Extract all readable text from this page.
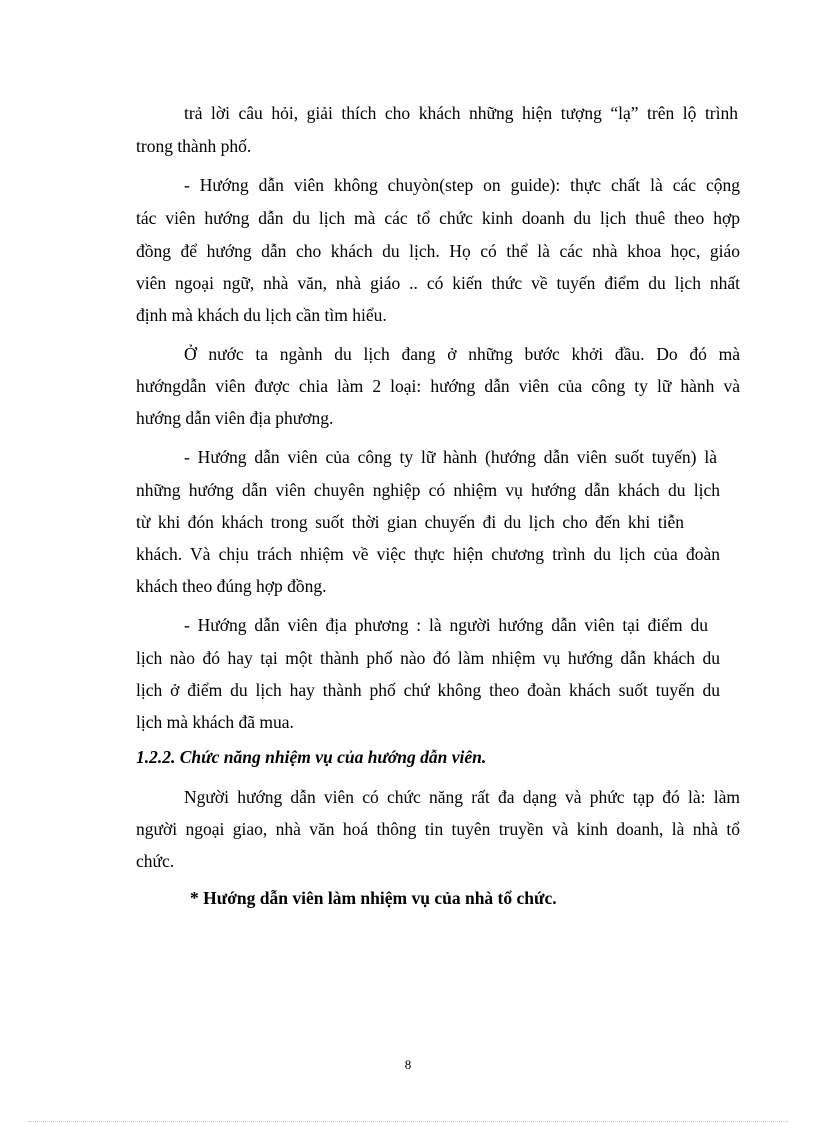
trả lời câu hỏi, giải thích cho khách những hiện tượng “lạ” trên lộ trình
trong thành phố.
- Hướng dẫn viên không chuyòn(step on guide): thực chất là các cộng
tác viên hướng dẫn du lịch mà các tổ chức kinh doanh du lịch thuê theo hợp
đồng để hướng dẫn cho khách du lịch. Họ có thể là các nhà khoa học, giáo
viên ngoại ngữ, nhà văn, nhà giáo .. có kiến thức về tuyến điểm du lịch nhất
định mà khách du lịch cần tìm hiểu.
Ở nước ta ngành du lịch đang ở những bước khởi đầu. Do đó mà
hướngdẫn viên được chia làm 2 loại: hướng dẫn viên của công ty lữ hành và
hướng dẫn viên địa phương.
- Hướng dẫn viên của công ty lữ hành (hướng dẫn viên suốt tuyến) là
những hướng dẫn viên chuyên nghiệp có nhiệm vụ hướng dẫn khách du lịch
từ khi đón khách trong suốt thời gian chuyến đi du lịch cho đến khi tiễn
khách. Và chịu trách nhiệm về việc thực hiện chương trình du lịch của đoàn
khách theo đúng hợp đồng.
- Hướng dẫn viên địa phương : là người hướng dẫn viên tại điểm du
lịch nào đó hay tại một thành phố nào đó làm nhiệm vụ hướng dẫn khách du
lịch ở điểm du lịch hay thành phố chứ không theo đoàn khách suốt tuyến du
lịch mà khách đã mua.
1.2.2. Chức năng nhiệm vụ của hướng dẫn viên.
Người hướng dẫn viên có chức năng rất đa dạng và phức tạp đó là: làm
người ngoại giao, nhà văn hoá thông tin tuyên truyền và kinh doanh, là nhà tổ
chức.
* Hướng dẫn viên làm nhiệm vụ của nhà tổ chức.
8
